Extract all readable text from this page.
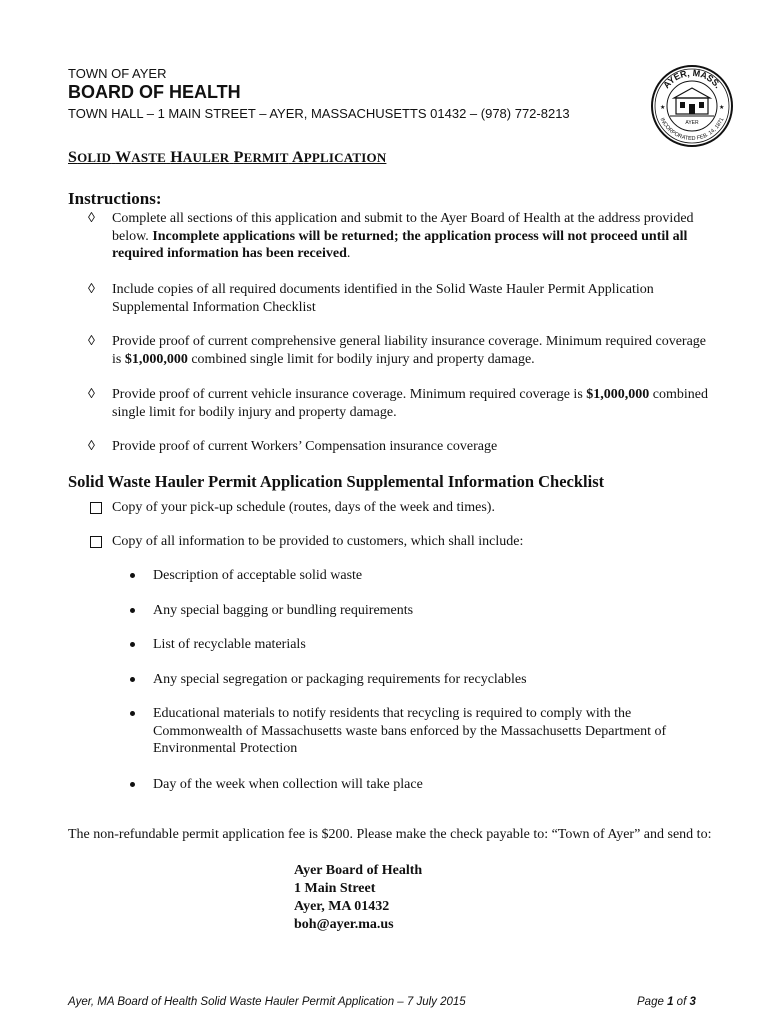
TOWN OF AYER
BOARD OF HEALTH
TOWN HALL – 1 MAIN STREET – AYER, MASSACHUSETTS 01432 – (978) 772-8213
AYER, MASS.
INCORPORATED FEB. 14, 1871
AYER
★	★
SOLID WASTE HAULER PERMIT APPLICATION
Instructions:
◊ Complete all sections of this application and submit to the Ayer Board of Health at the address provided below. Incomplete applications will be returned; the application process will not proceed until all required information has been received.
◊ Include copies of all required documents identified in the Solid Waste Hauler Permit Application Supplemental Information Checklist
◊ Provide proof of current comprehensive general liability insurance coverage. Minimum required coverage is $1,000,000 combined single limit for bodily injury and property damage.
◊ Provide proof of current vehicle insurance coverage. Minimum required coverage is $1,000,000 combined single limit for bodily injury and property damage.
◊ Provide proof of current Workers’ Compensation insurance coverage
Solid Waste Hauler Permit Application Supplemental Information Checklist
Copy of your pick-up schedule (routes, days of the week and times).
Copy of all information to be provided to customers, which shall include:
Description of acceptable solid waste
Any special bagging or bundling requirements
List of recyclable materials
Any special segregation or packaging requirements for recyclables
Educational materials to notify residents that recycling is required to comply with the Commonwealth of Massachusetts waste bans enforced by the Massachusetts Department of Environmental Protection
Day of the week when collection will take place
The non-refundable permit application fee is $200. Please make the check payable to: “Town of Ayer” and send to:
Ayer Board of Health
1 Main Street
Ayer, MA 01432
boh@ayer.ma.us
Ayer, MA Board of Health Solid Waste Hauler Permit Application – 7 July 2015	Page 1 of 3
